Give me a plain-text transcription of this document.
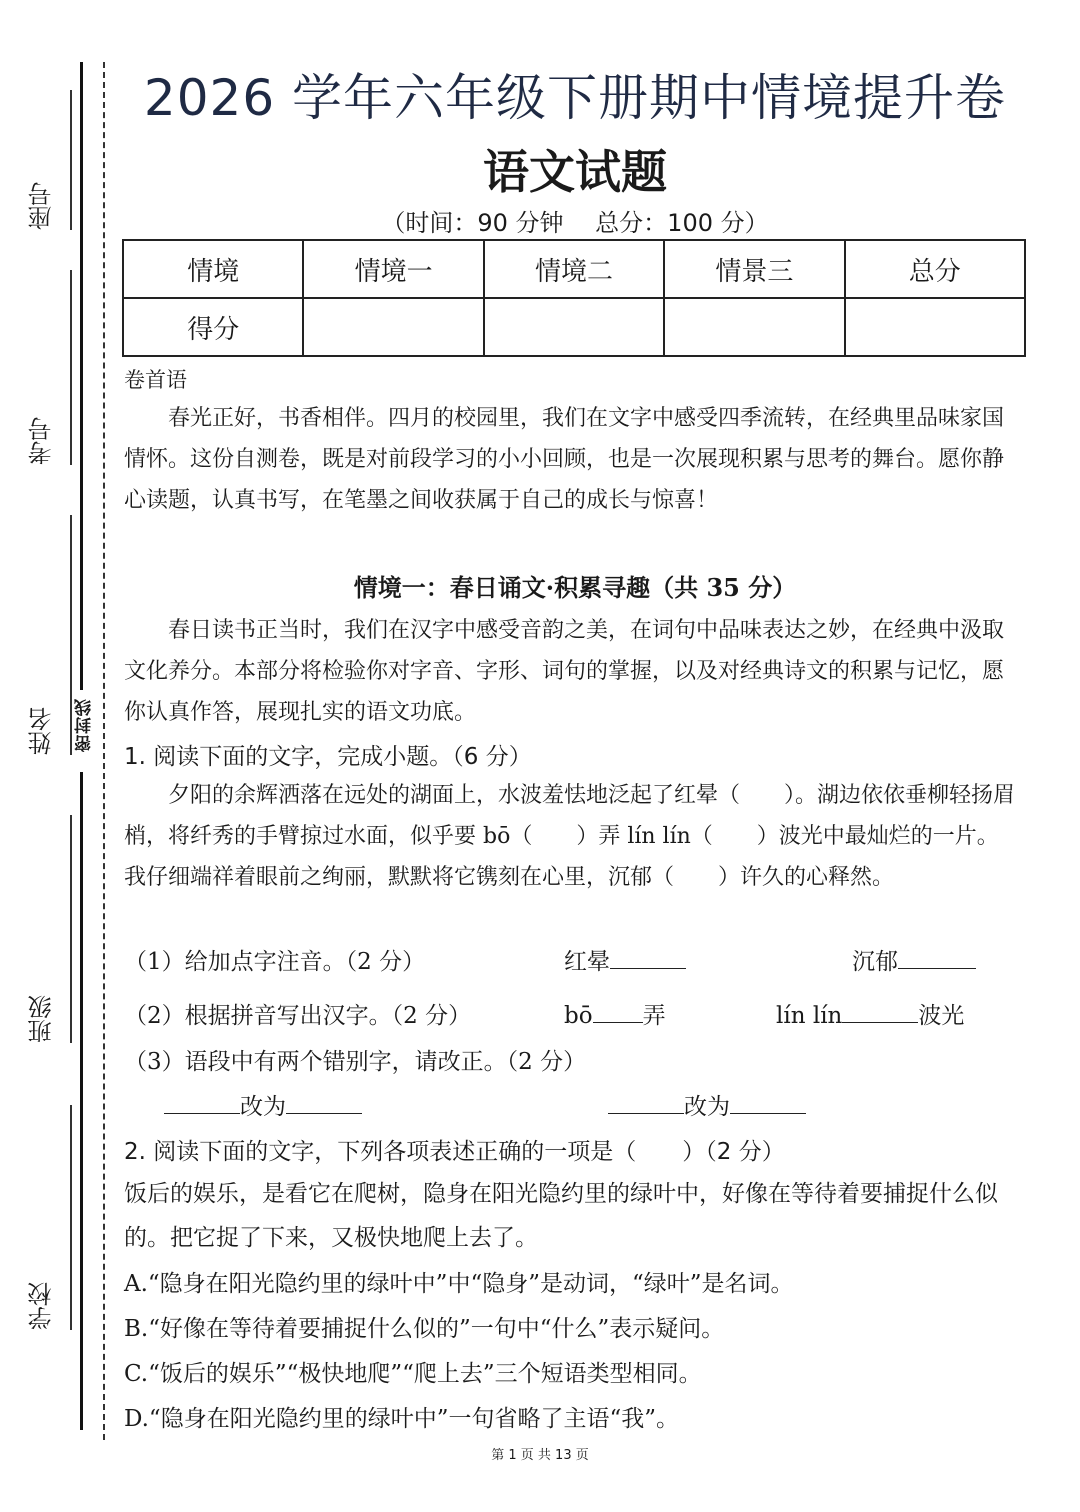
密封线
座号
考号
姓名
班级
学校
2026 学年六年级下册期中情境提升卷
语文试题
（时间：90 分钟　 总分：100 分）
情境	情境一	情境二	情景三	总分
得分				
卷首语
春光正好，书香相伴。四月的校园里，我们在文字中感受四季流转，在经典里品味家国情怀。这份自测卷，既是对前段学习的小小回顾，也是一次展现积累与思考的舞台。愿你静心读题，认真书写，在笔墨之间收获属于自己的成长与惊喜！
情境一：春日诵文·积累寻趣（共 35 分）
春日读书正当时，我们在汉字中感受音韵之美，在词句中品味表达之妙，在经典中汲取文化养分。本部分将检验你对字音、字形、词句的掌握，以及对经典诗文的积累与记忆，愿你认真作答，展现扎实的语文功底。
1. 阅读下面的文字，完成小题。（6 分）
夕阳的余辉洒落在远处的湖面上，水波羞怯地泛起了红晕（　　）。湖边依依垂柳轻扬眉梢，将纤秀的手臂掠过水面，似乎要 bō（　　）弄 lín lín（　　）波光中最灿烂的一片。我仔细端祥着眼前之绚丽，默默将它镌刻在心里，沉郁（　　）许久的心释然。
（1）给加点字注音。（2 分）	红晕	沉郁
（2）根据拼音写出汉字。（2 分）	bō 弄	lín lín	波光
（3）语段中有两个错别字，请改正。（2 分）
改为	改为
2. 阅读下面的文字，下列各项表述正确的一项是（　　）（2 分）
饭后的娱乐，是看它在爬树，隐身在阳光隐约里的绿叶中，好像在等待着要捕捉什么似的。把它捉了下来，又极快地爬上去了。
A.“隐身在阳光隐约里的绿叶中”中“隐身”是动词，“绿叶”是名词。
B.“好像在等待着要捕捉什么似的”一句中“什么”表示疑问。
C.“饭后的娱乐”“极快地爬”“爬上去”三个短语类型相同。
D.“隐身在阳光隐约里的绿叶中”一句省略了主语“我”。
第 1 页 共 13 页
